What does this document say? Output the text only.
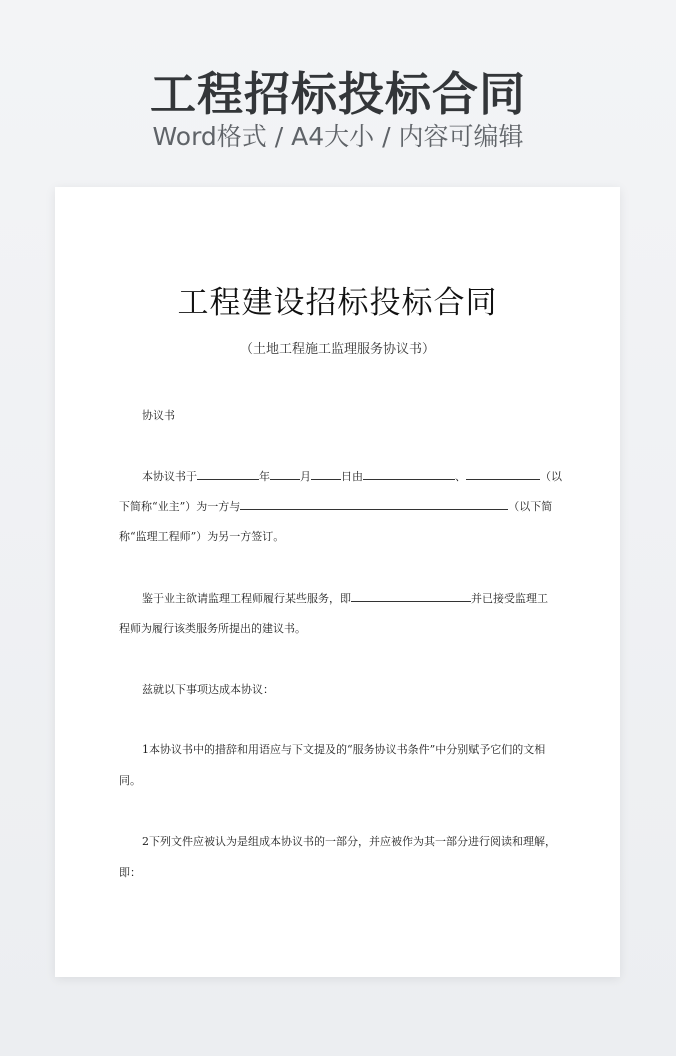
工程招标投标合同
Word格式 / A4大小 / 内容可编辑
工程建设招标投标合同
（土地工程施工监理服务协议书）
协议书
本协议书于	年	月	日由	、	（以
下简称“业主”）为一方与	（以下简
称“监理工程师”）为另一方签订。
鉴于业主欲请监理工程师履行某些服务，即	并已接受监理工
程师为履行该类服务所提出的建议书。
兹就以下事项达成本协议：
1本协议书中的措辞和用语应与下文提及的“服务协议书条件”中分别赋予它们的文相
同。
2下列文件应被认为是组成本协议书的一部分，并应被作为其一部分进行阅读和理解，
即：
